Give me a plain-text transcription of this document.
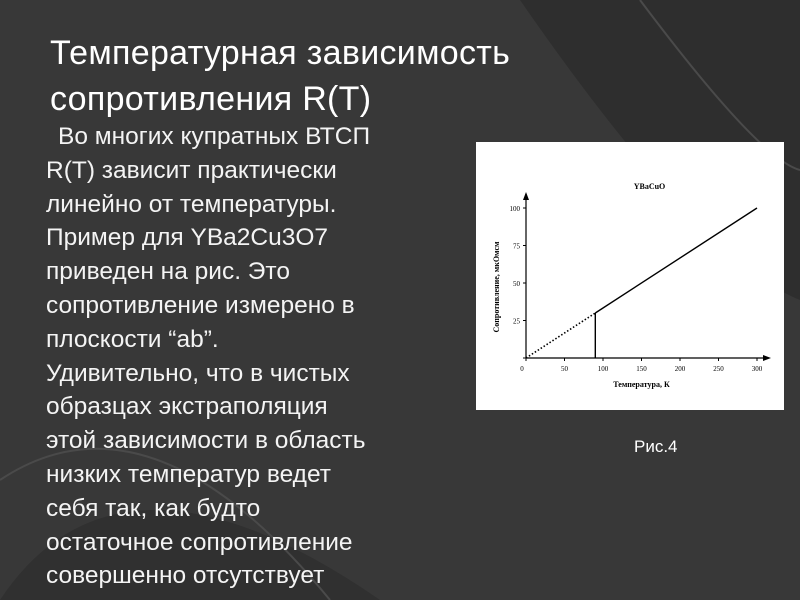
Температурная зависимость
сопротивления R(T)
Во многих купратных ВТСП
R(T) зависит практически
линейно от температуры.
Пример для YBa2Cu3O7
приведен на рис. Это
сопротивление измерено в
плоскости “ab”.
Удивительно, что в чистых
образцах экстраполяция
этой зависимости в область
низких температур ведет
себя так, как будто
остаточное сопротивление
совершенно отсутствует
25
50
75
100
0	50	100	150	200	250	300
YBaCuO
Температура, К
Сопротивление, мкОмсм
Рис.4
